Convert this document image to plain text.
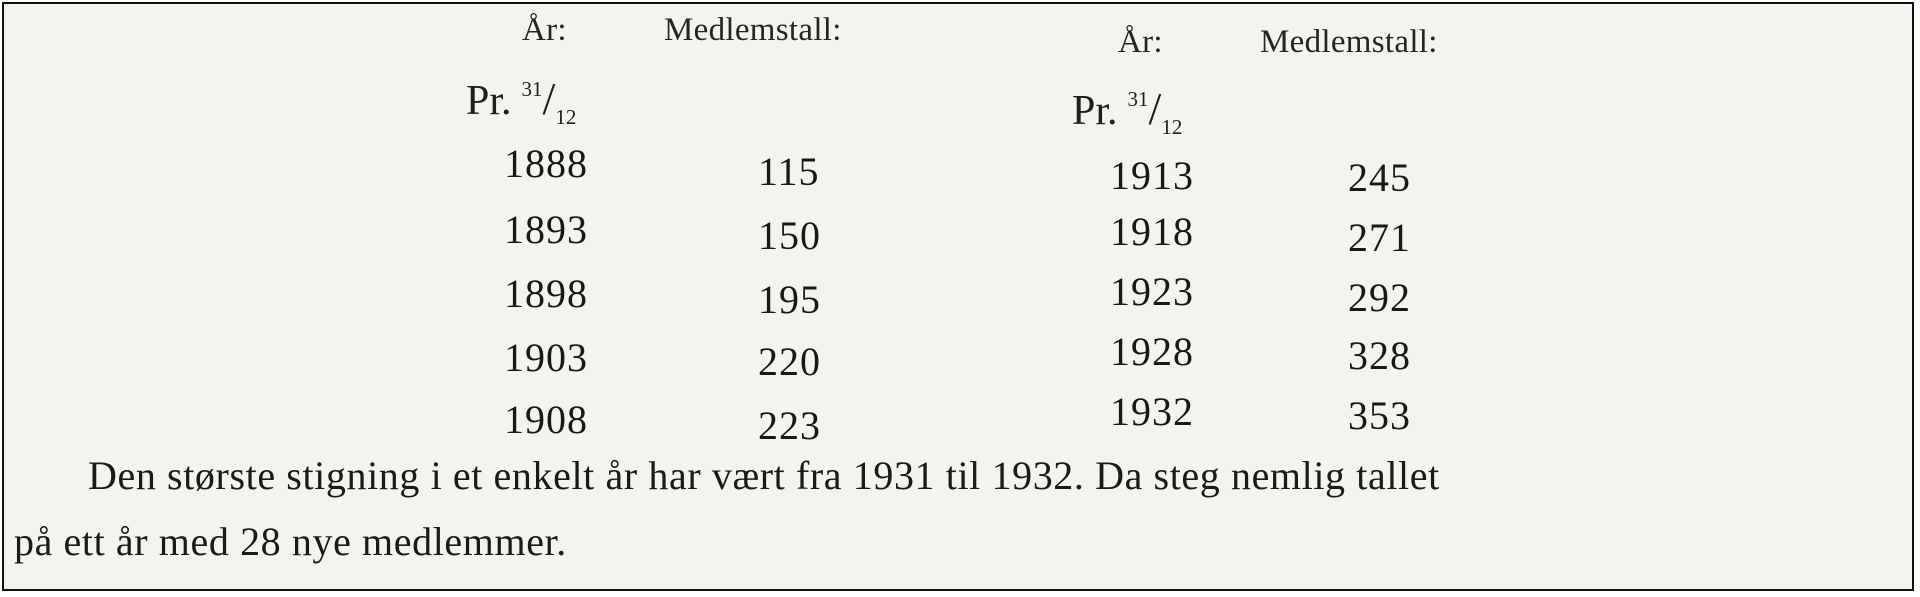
År:	Medlemstall:
Pr. $^{31}/_{12}$
1888	115
1893	150
1898	195
1903	220
1908	223
År:	Medlemstall:
Pr. $^{31}/_{12}$
1913	245
1918	271
1923	292
1928	328
1932	353
Den største stigning i et enkelt år har vært fra 1931 til 1932. Da steg nemlig tallet
på ett år med 28 nye medlemmer.
